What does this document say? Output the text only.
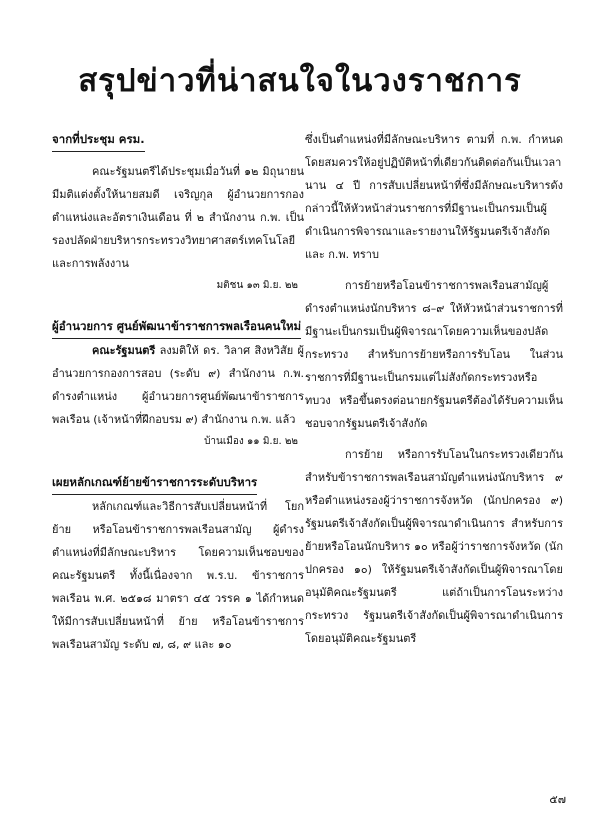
สรุปข่าวที่น่าสนใจในวงราชการ
จากที่ประชุม ครม.

คณะรัฐมนตรีได้ประชุมเมื่อวันที่ ๑๒ มิถุนายน มีมติแต่งตั้งให้นายสมดี เจริญกุล ผู้อำนวยการกองตำแหน่งและอัตราเงินเดือน ที่ ๒ สำนักงาน ก.พ. เป็นรองปลัดฝ่ายบริหารกระทรวงวิทยาศาสตร์เทคโนโลยีและการพลังงาน

มติชน ๑๓ มิ.ย. ๒๒
ผู้อำนวยการ ศูนย์พัฒนาข้าราชการพลเรือนคนใหม่

คณะรัฐมนตรี ลงมติให้ ดร. วิลาศ สิงหวิสัย ผู้อำนวยการกองการสอบ (ระดับ ๙) สำนักงาน ก.พ. ดำรงตำแหน่ง ผู้อำนวยการศูนย์พัฒนาข้าราชการพลเรือน (เจ้าหน้าที่ฝึกอบรม ๙) สำนักงาน ก.พ. แล้ว

บ้านเมือง ๑๑ มิ.ย. ๒๒
เผยหลักเกณฑ์ย้ายข้าราชการระดับบริหาร

หลักเกณฑ์และวิธีการสับเปลี่ยนหน้าที่ โยกย้าย หรือโอนข้าราชการพลเรือนสามัญ ผู้ดำรงตำแหน่งที่มีลักษณะบริหาร โดยความเห็นชอบของคณะรัฐมนตรี ทั้งนี้เนื่องจาก พ.ร.บ. ข้าราชการพลเรือน พ.ศ. ๒๕๑๘ มาตรา ๔๕ วรรค ๑ ได้กำหนดให้มีการสับเปลี่ยนหน้าที่ ย้าย หรือโอนข้าราชการพลเรือนสามัญ ระดับ ๗, ๘, ๙ และ ๑๐

ซึ่งเป็นตำแหน่งที่มีลักษณะบริหาร ตามที่ ก.พ. กำหนด โดยสมควรให้อยู่ปฏิบัติหน้าที่เดียวกันติดต่อกันเป็นเวลานาน ๔ ปี การสับเปลี่ยนหน้าที่ซึ่งมีลักษณะบริหารดังกล่าวนี้ให้หัวหน้าส่วนราชการที่มีฐานะเป็นกรมเป็นผู้ดำเนินการพิจารณาและรายงานให้รัฐมนตรีเจ้าสังกัดและ ก.พ. ทราบ

การย้ายหรือโอนข้าราชการพลเรือนสามัญผู้ดำรงตำแหน่งนักบริหาร ๘–๙ ให้หัวหน้าส่วนราชการที่มีฐานะเป็นกรมเป็นผู้พิจารณาโดยความเห็นของปลัดกระทรวง สำหรับการย้ายหรือการรับโอน ในส่วนราชการที่มีฐานะเป็นกรมแต่ไม่สังกัดกระทรวงหรือทบวง หรือขึ้นตรงต่อนายกรัฐมนตรีต้องได้รับความเห็นชอบจากรัฐมนตรีเจ้าสังกัด

การย้าย หรือการรับโอนในกระทรวงเดียวกัน สำหรับข้าราชการพลเรือนสามัญตำแหน่งนักบริหาร ๙ หรือตำแหน่งรองผู้ว่าราชการจังหวัด (นักปกครอง ๙) รัฐมนตรีเจ้าสังกัดเป็นผู้พิจารณาดำเนินการ สำหรับการย้ายหรือโอนนักบริหาร ๑๐ หรือผู้ว่าราชการจังหวัด (นักปกครอง ๑๐) ให้รัฐมนตรีเจ้าสังกัดเป็นผู้พิจารณาโดยอนุมัติคณะรัฐมนตรี แต่ถ้าเป็นการโอนระหว่างกระทรวง รัฐมนตรีเจ้าสังกัดเป็นผู้พิจารณาดำเนินการโดยอนุมัติคณะรัฐมนตรี

๕๗
